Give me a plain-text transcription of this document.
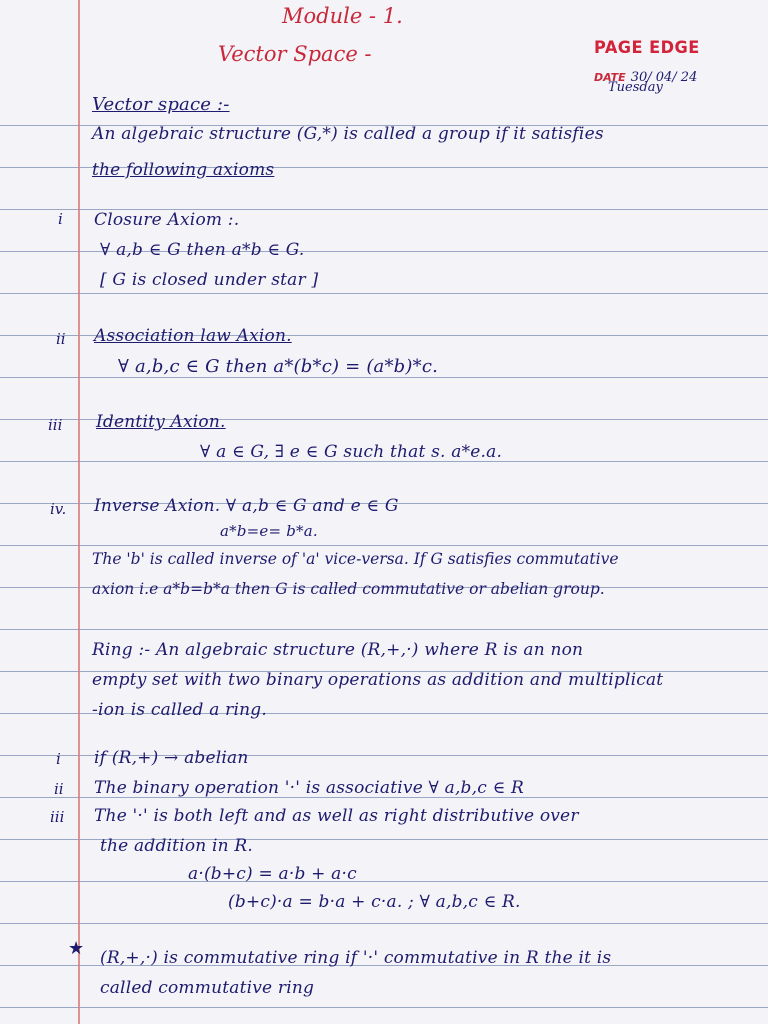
Module - 1.
Vector Space -	PAGE EDGE
DATE 30/ 04/ 24
Tuesday
Vector space :-
An algebraic structure (G,*) is called a group if it satisfies
the following axioms
i Closure Axiom :.
∀ a,b ∈ G then a*b ∈ G.
[ G is closed under star ]
ii Association law Axion.
∀ a,b,c ∈ G then a*(b*c) = (a*b)*c.
iii Identity Axion.
∀ a ∈ G, ∃ e ∈ G such that s. a*e.a.
iv. Inverse Axion. ∀ a,b ∈ G and e ∈ G
a*b=e= b*a.
The 'b' is called inverse of 'a' vice-versa. If G satisfies commutative
axion i.e a*b=b*a then G is called commutative or abelian group.
Ring :- An algebraic structure (R,+,·) where R is an non
empty set with two binary operations as addition and multiplicat
-ion is called a ring.
i if (R,+) → abelian
ii The binary operation '·' is associative ∀ a,b,c ∈ R
iii The '·' is both left and as well as right distributive over
the addition in R.
a·(b+c) = a·b + a·c
(b+c)·a = b·a + c·a. ; ∀ a,b,c ∈ R.
★ (R,+,·) is commutative ring if '·' commutative in R the it is
called commutative ring
